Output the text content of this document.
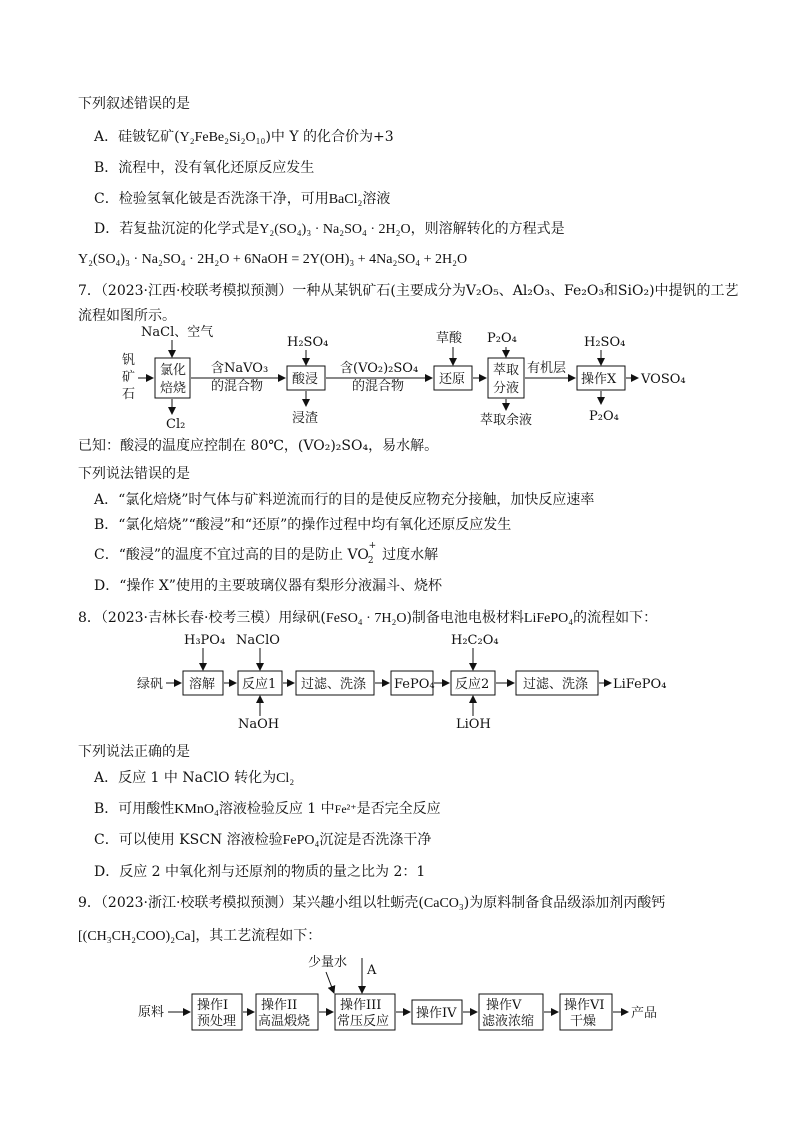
下列叙述错误的是
A．硅铍钇矿(Y₂FeBe₂Si₂O₁₀)中 Y 的化合价为+3
B．流程中，没有氧化还原反应发生
C．检验氢氧化铍是否洗涤干净，可用BaCl₂溶液
D．若复盐沉淀的化学式是Y₂(SO₄)₃ · Na₂SO₄ · 2H₂O，则溶解转化的方程式是
Y₂(SO₄)₃ · Na₂SO₄ · 2H₂O + 6NaOH = 2Y(OH)₃ + 4Na₂SO₄ + 2H₂O
7．（2023·江西·校联考模拟预测）一种从某钒矿石(主要成分为V₂O₅、Al₂O₃、Fe₂O₃和SiO₂)中提钒的工艺
流程如图所示。
钒
矿
石
氯化
焙烧
NaCl、空气
Cl₂
含NaVO₃
的混合物 酸浸
H₂SO₄
浸渣
含(VO₂)₂SO₄
的混合物	还原
草酸
萃取
分液
P₂O₄
萃取余液
有机层
操作X
H₂SO₄
P₂O₄
VOSO₄
已知：酸浸的温度应控制在 80℃，(VO₂)₂SO₄，易水解。
下列说法错误的是
A．“氯化焙烧”时气体与矿料逆流而行的目的是使反应物充分接触，加快反应速率
B．“氯化焙烧”“酸浸”和“还原”的操作过程中均有氧化还原反应发生
C．“酸浸”的温度不宜过高的目的是防止 $VO_2^+$过度水解
D．“操作 X”使用的主要玻璃仪器有梨形分液漏斗、烧杯
8．（2023·吉林长春·校考三模）用绿矾(FeSO₄ · 7H₂O)制备电池电极材料LiFePO₄的流程如下：
绿矾 溶解
H₃PO₄
反应1
NaClO
NaOH
过滤、洗涤 FePO₄ 反应2
H₂C₂O₄
LiOH
过滤、洗涤 LiFePO₄
下列说法正确的是
A．反应 1 中 NaClO 转化为Cl₂
B．可用酸性KMnO₄溶液检验反应 1 中Fe²⁺是否完全反应
C．可以使用 KSCN 溶液检验FePO₄沉淀是否洗涤干净
D．反应 2 中氧化剂与还原剂的物质的量之比为 2：1
9．（2023·浙江·校联考模拟预测）某兴趣小组以牡蛎壳(CaCO₃)为原料制备食品级添加剂丙酸钙
[(CH₃CH₂COO)₂Ca]，其工艺流程如下：
原料	操作I
预处理
操作II
高温煅烧
操作III
常压反应
少量水
A
操作IV
操作V
滤液浓缩
操作VI
干燥
产品
